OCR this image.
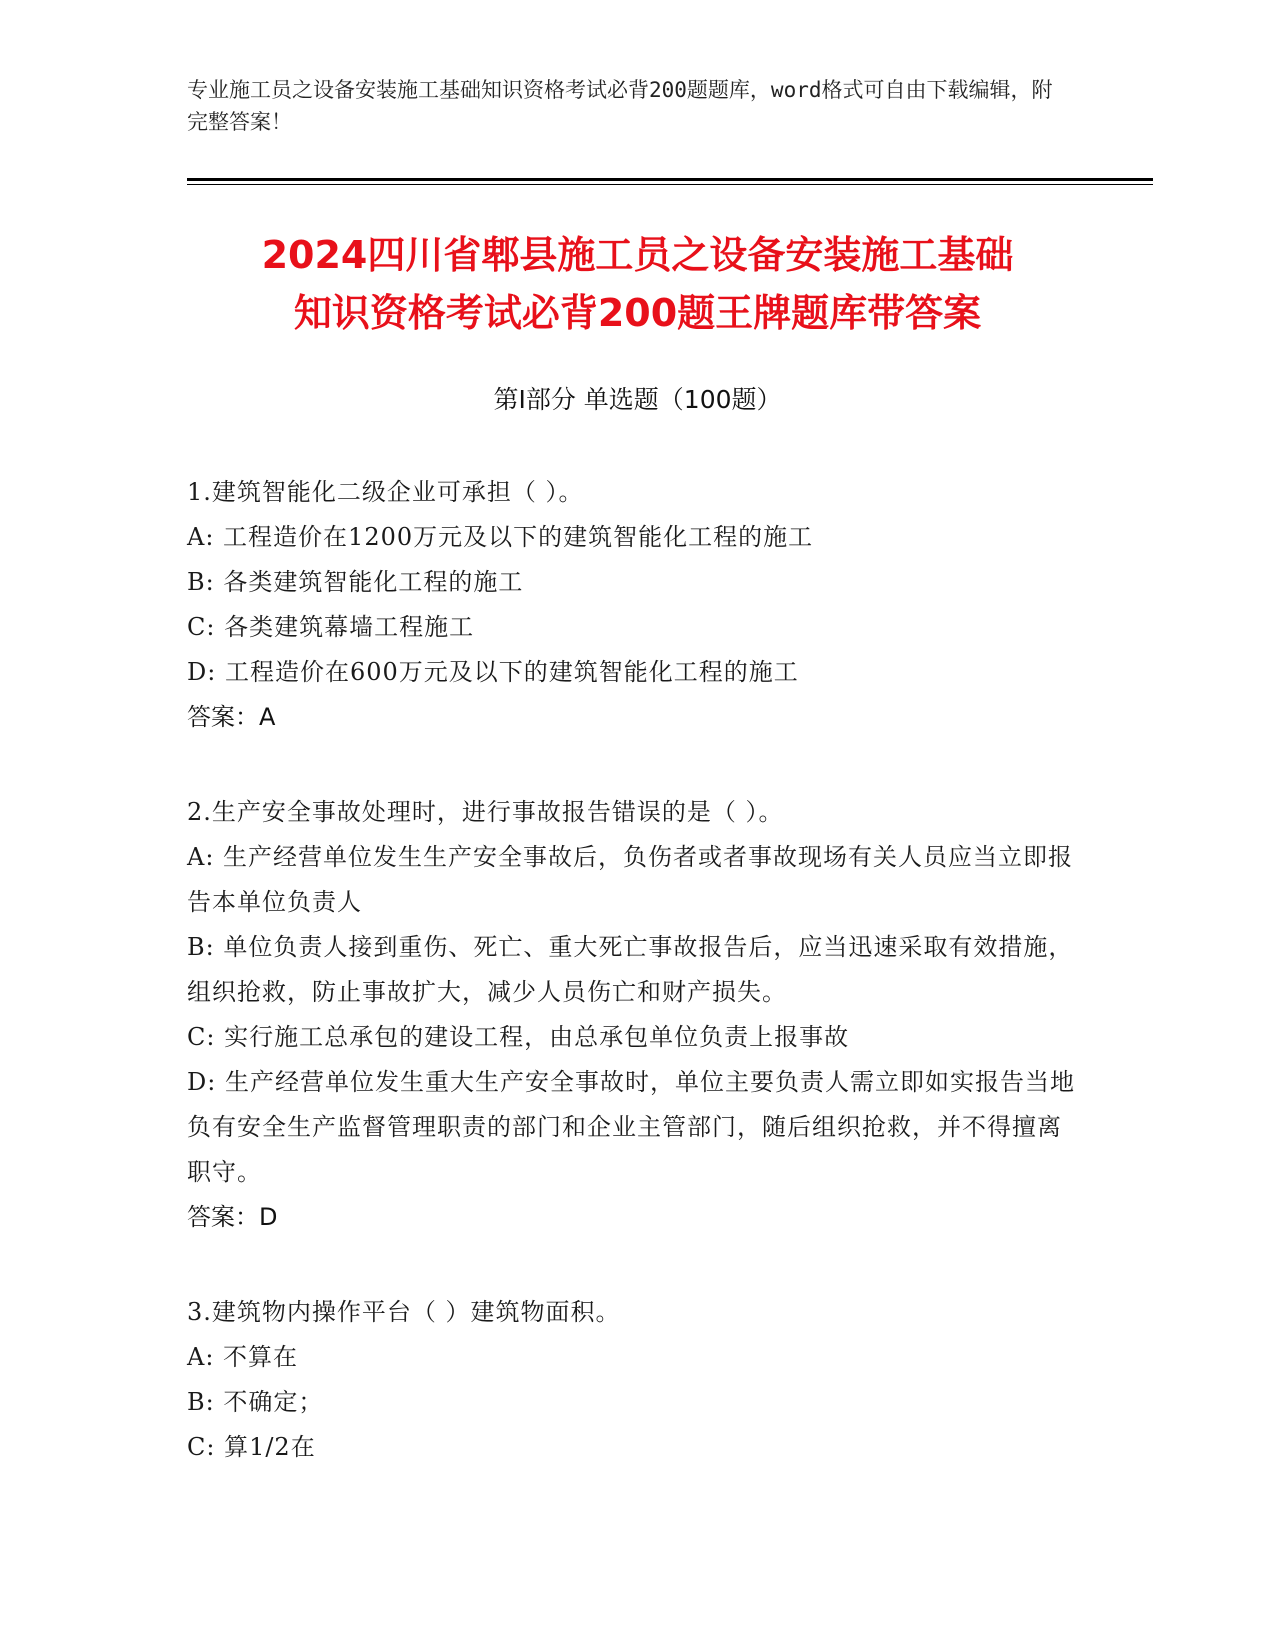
专业施工员之设备安装施工基础知识资格考试必背200题题库，word格式可自由下载编辑，附完整答案！
2024四川省郫县施工员之设备安装施工基础
知识资格考试必背200题王牌题库带答案
第Ⅰ部分 单选题（100题）
1.建筑智能化二级企业可承担（ ）。
A: 工程造价在1200万元及以下的建筑智能化工程的施工
B: 各类建筑智能化工程的施工
C: 各类建筑幕墙工程施工
D: 工程造价在600万元及以下的建筑智能化工程的施工
答案：A
2.生产安全事故处理时，进行事故报告错误的是（ ）。
A: 生产经营单位发生生产安全事故后，负伤者或者事故现场有关人员应当立即报告本单位负责人
B: 单位负责人接到重伤、死亡、重大死亡事故报告后，应当迅速采取有效措施，组织抢救，防止事故扩大，减少人员伤亡和财产损失。
C: 实行施工总承包的建设工程，由总承包单位负责上报事故
D: 生产经营单位发生重大生产安全事故时，单位主要负责人需立即如实报告当地负有安全生产监督管理职责的部门和企业主管部门，随后组织抢救，并不得擅离职守。
答案：D
3.建筑物内操作平台（ ）建筑物面积。
A: 不算在
B: 不确定；
C: 算1/2在
